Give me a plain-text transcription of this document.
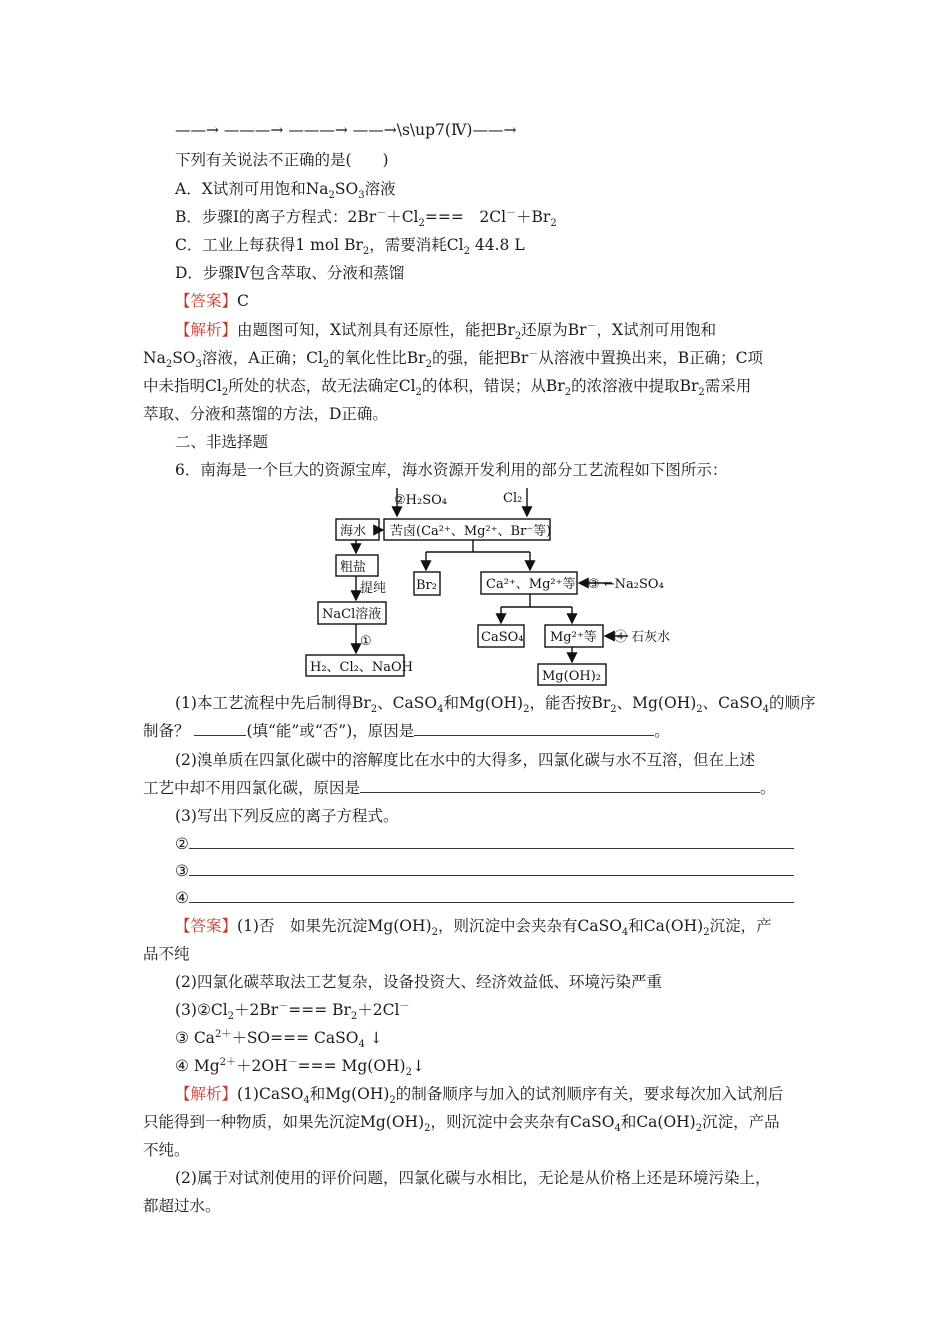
——→ ———→ ———→ ——→\s\up7(Ⅳ)——→
下列有关说法不正确的是(　　)
A．X试剂可用饱和$Na_2SO_3$溶液
B．步骤Ⅰ的离子方程式：$2Br^-+Cl_2===$　$2Cl^-+Br_2$
C．工业上每获得1 mol $Br_2$，需要消耗$Cl_2$ 44.8 L
D．步骤Ⅳ包含萃取、分液和蒸馏
【答案】C
【解析】由题图可知，X试剂具有还原性，能把$Br_2$还原为Br－，X试剂可用饱和
$Na_2SO_3$溶液，A正确；$Cl_2$的氧化性比$Br_2$的强，能把Br－从溶液中置换出来，B正确；C项
中未指明$Cl_2$所处的状态，故无法确定$Cl_2$的体积，错误；从$Br_2$的浓溶液中提取$Br_2$需采用
萃取、分液和蒸馏的方法，D正确。
二、非选择题
6．南海是一个巨大的资源宝库，海水资源开发利用的部分工艺流程如下图所示：
②H₂SO₄	Cl₂
海水 苦卤(Ca²⁺、Mg²⁺、Br⁻等)
粗盐
提纯
NaCl溶液
①
H₂、Cl₂、NaOH
Br₂	Ca²⁺、Mg²⁺等 ③ ←Na₂SO₄
CaSO₄ Mg²⁺等 ④ 石灰水
Mg(OH)₂
(1)本工艺流程中先后制得$Br_2$、CaSO$_4$和$Mg(OH)_2$，能否按$Br_2$、$Mg(OH)_2$、CaSO$_4$的顺序
制备？	(填“能”或“否”)，原因是	。
(2)溴单质在四氯化碳中的溶解度比在水中的大得多，四氯化碳与水不互溶，但在上述
工艺中却不用四氯化碳，原因是	。
(3)写出下列反应的离子方程式。
②
③
④
【答案】(1)否　如果先沉淀$Mg(OH)_2$，则沉淀中会夹杂有CaSO$_4$和$Ca(OH)_2$沉淀，产
品不纯
(2)四氯化碳萃取法工艺复杂，设备投资大、经济效益低、环境污染严重
$(3)②Cl_2+2Br^-=== Br_2+2Cl^-$
③ $Ca^{2+}+SO===$ CaSO$_4$ ↓
④ $Mg^{2+}+2OH^-===$ $Mg(OH)_2↓$
【解析】(1)CaSO$_4$和$Mg(OH)_2$的制备顺序与加入的试剂顺序有关，要求每次加入试剂后
只能得到一种物质，如果先沉淀$Mg(OH)_2$，则沉淀中会夹杂有CaSO$_4$和$Ca(OH)_2$沉淀，产品
不纯。
(2)属于对试剂使用的评价问题，四氯化碳与水相比，无论是从价格上还是环境污染上，
都超过水。
